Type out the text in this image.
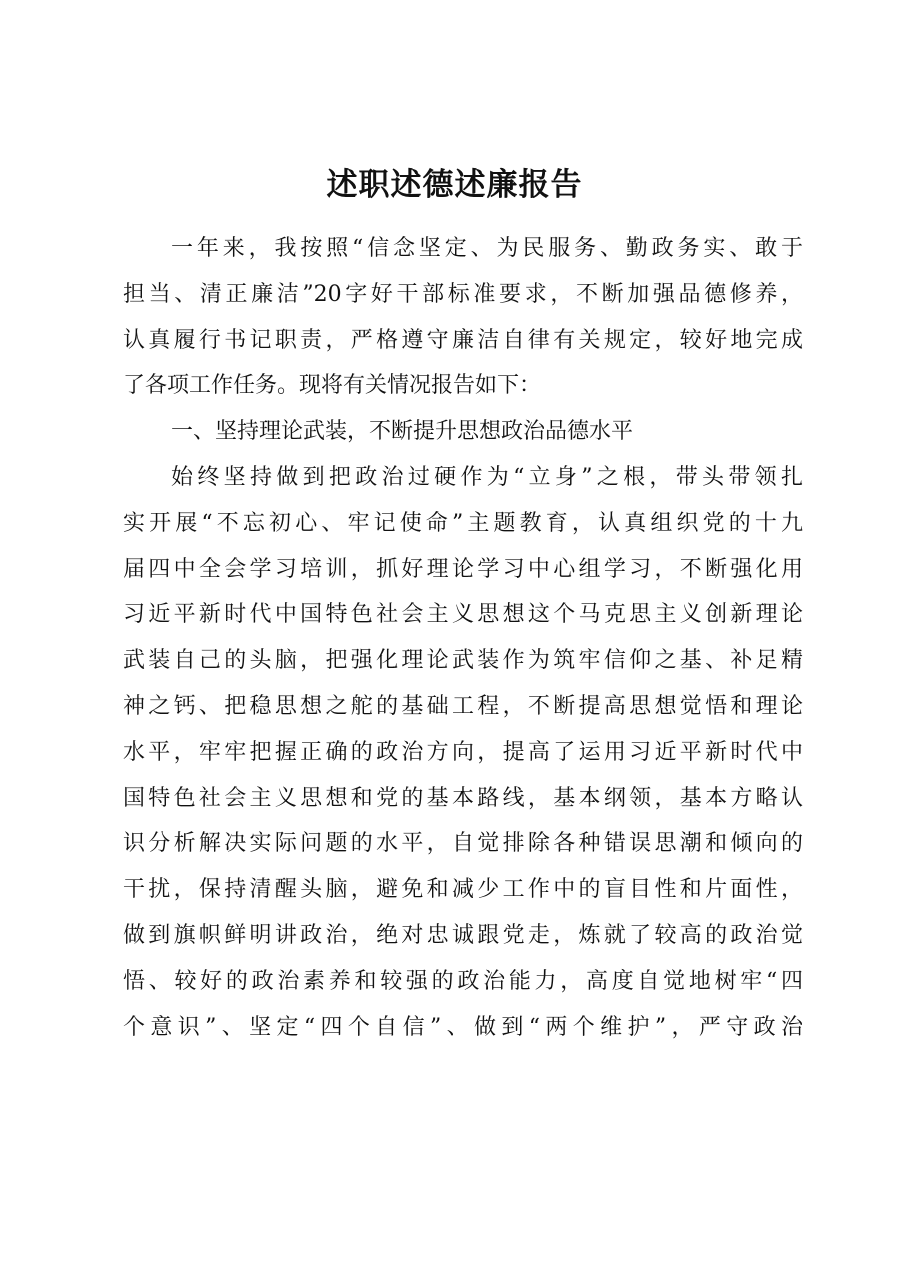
述职述德述廉报告
一年来，我按照“信念坚定、为民服务、勤政务实、敢于
担当、清正廉洁”20字好干部标准要求，不断加强品德修养，
认真履行书记职责，严格遵守廉洁自律有关规定，较好地完成
了各项工作任务。现将有关情况报告如下：
一、坚持理论武装，不断提升思想政治品德水平
始终坚持做到把政治过硬作为“立身”之根，带头带领扎
实开展“不忘初心、牢记使命”主题教育，认真组织党的十九
届四中全会学习培训，抓好理论学习中心组学习，不断强化用
习近平新时代中国特色社会主义思想这个马克思主义创新理论
武装自己的头脑，把强化理论武装作为筑牢信仰之基、补足精
神之钙、把稳思想之舵的基础工程，不断提高思想觉悟和理论
水平，牢牢把握正确的政治方向，提高了运用习近平新时代中
国特色社会主义思想和党的基本路线，基本纲领，基本方略认
识分析解决实际问题的水平，自觉排除各种错误思潮和倾向的
干扰，保持清醒头脑，避免和减少工作中的盲目性和片面性，
做到旗帜鲜明讲政治，绝对忠诚跟党走，炼就了较高的政治觉
悟、较好的政治素养和较强的政治能力，高度自觉地树牢“四
个意识”、坚定“四个自信”、做到“两个维护”，严守政治
